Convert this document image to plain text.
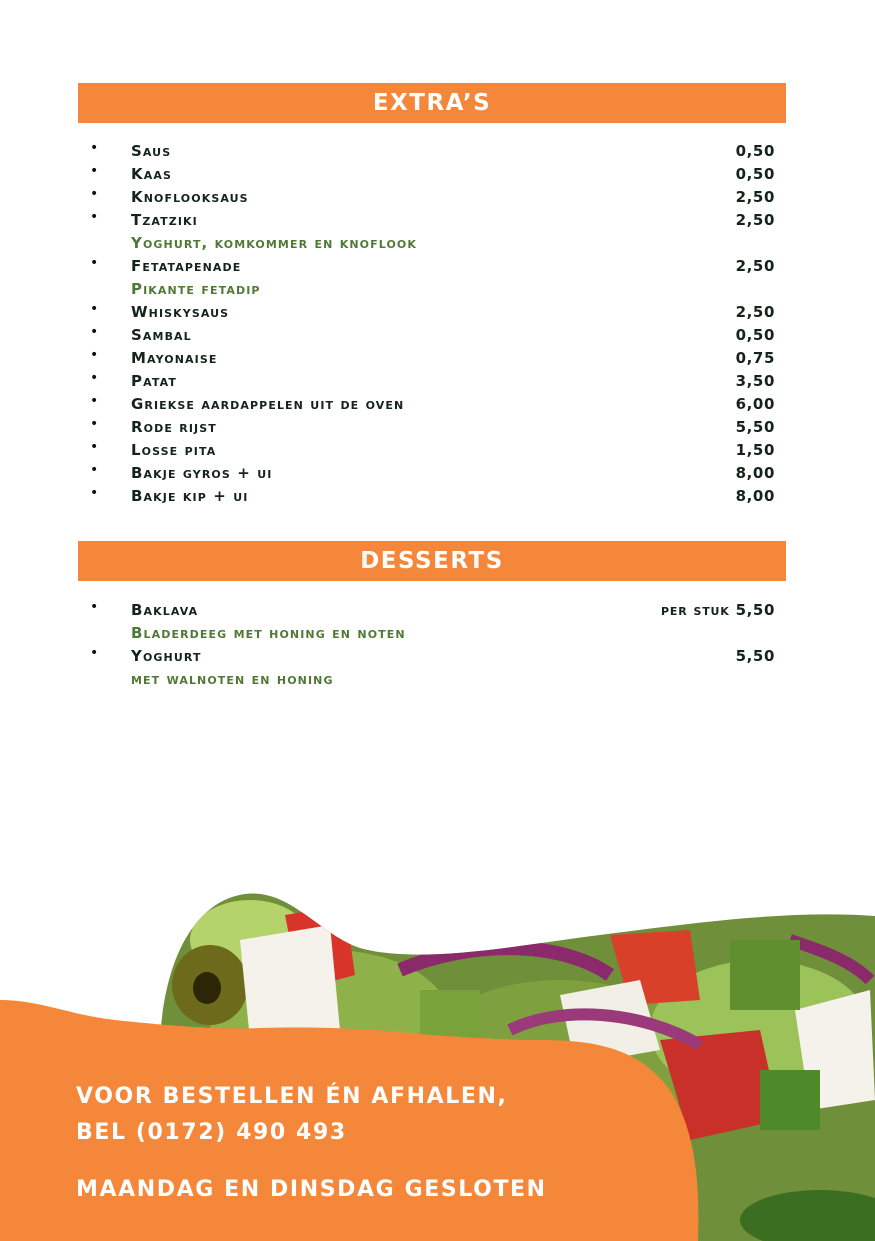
EXTRA’S
• Saus	0,50
• Kaas	0,50
• Knoflooksaus	2,50
• Tzatziki	2,50
Yoghurt, komkommer en knoflook
• Fetatapenade	2,50
Pikante fetadip
• Whiskysaus	2,50
• Sambal	0,50
• Mayonaise	0,75
• Patat	3,50
• Griekse aardappelen uit de oven	6,00
• Rode rijst	5,50
• Losse pita	1,50
• Bakje gyros + ui	8,00
• Bakje kip + ui	8,00
DESSERTS
• Baklava	per stuk 5,50
Bladerdeeg met honing en noten
• Yoghurt	5,50
met walnoten en honing
VOOR BESTELLEN ÉN AFHALEN,
BEL (0172) 490 493
MAANDAG EN DINSDAG GESLOTEN
